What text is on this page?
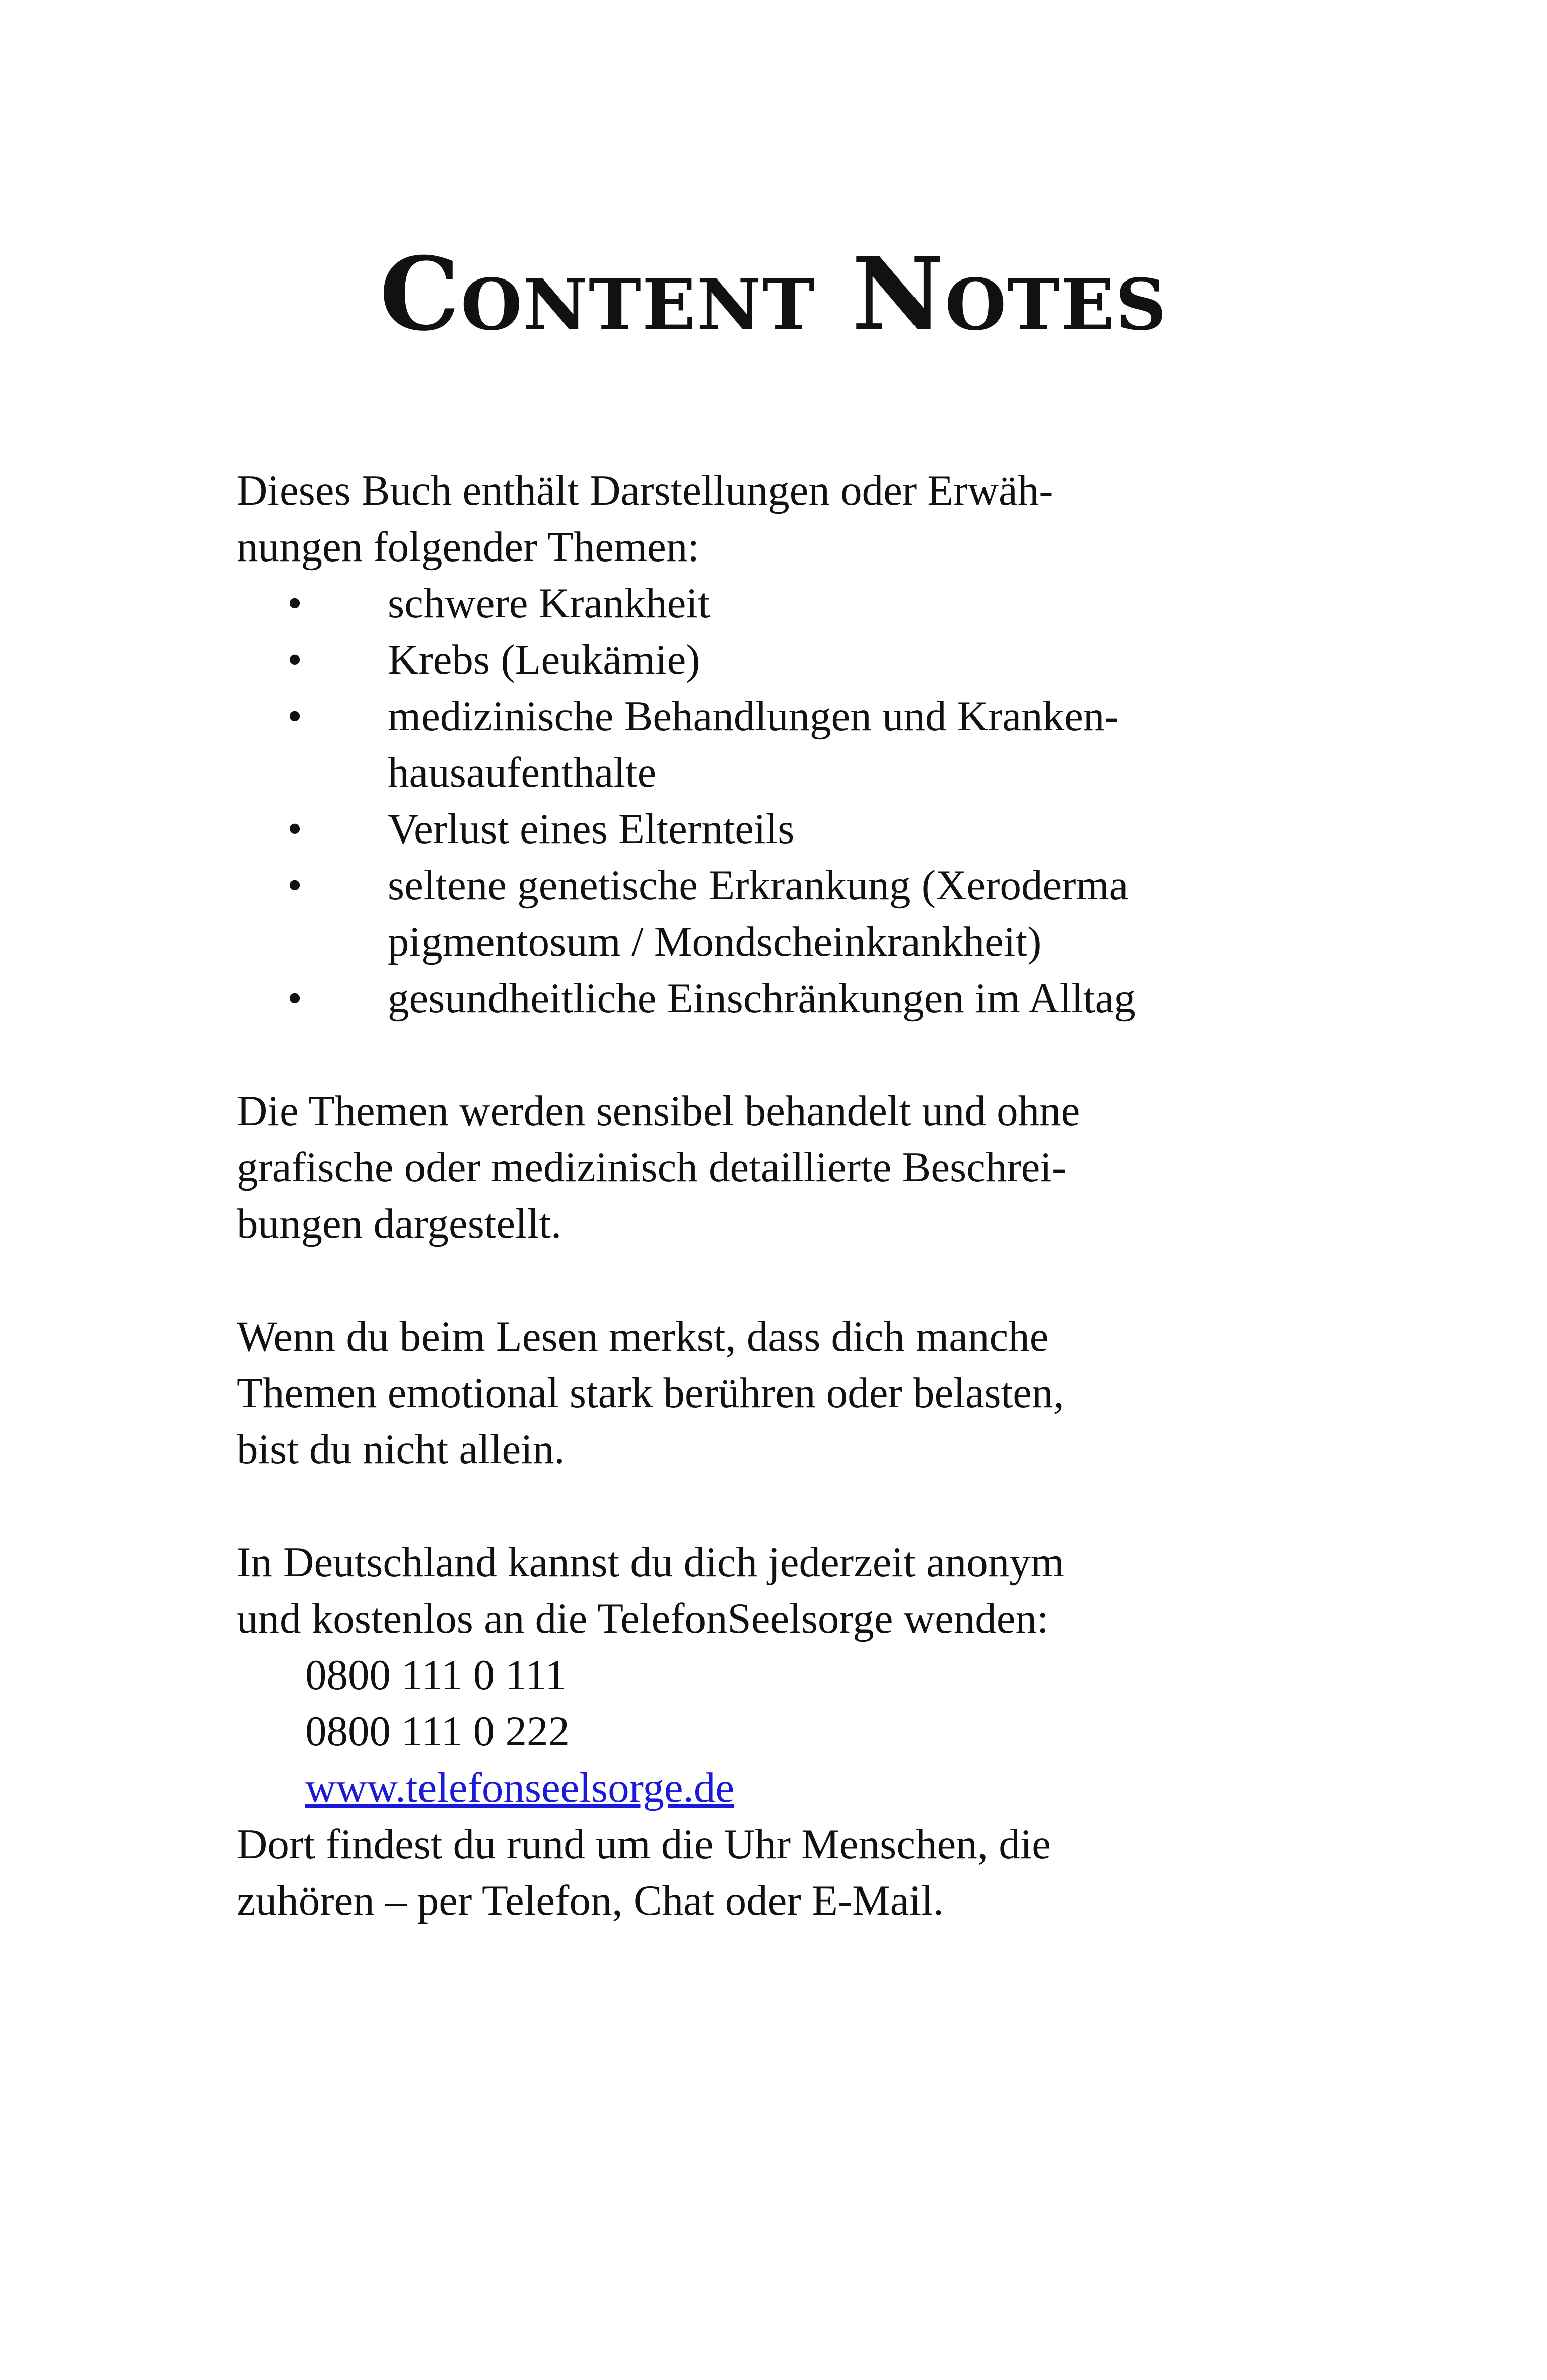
Content Notes

Dieses Buch enthält Darstellungen oder Erwäh-
nungen folgender Themen:

• schwere Krankheit
• Krebs (Leukämie)
• medizinische Behandlungen und Kranken-
hausaufenthalte
• Verlust eines Elternteils
• seltene genetische Erkrankung (Xeroderma
pigmentosum / Mondscheinkrankheit)
• gesundheitliche Einschränkungen im Alltag

Die Themen werden sensibel behandelt und ohne
grafische oder medizinisch detaillierte Beschrei-
bungen dargestellt.

Wenn du beim Lesen merkst, dass dich manche
Themen emotional stark berühren oder belasten,
bist du nicht allein.

In Deutschland kannst du dich jederzeit anonym
und kostenlos an die TelefonSeelsorge wenden:

0800 111 0 111
0800 111 0 222
www.telefonseelsorge.de

Dort findest du rund um die Uhr Menschen, die
zuhören – per Telefon, Chat oder E-Mail.
